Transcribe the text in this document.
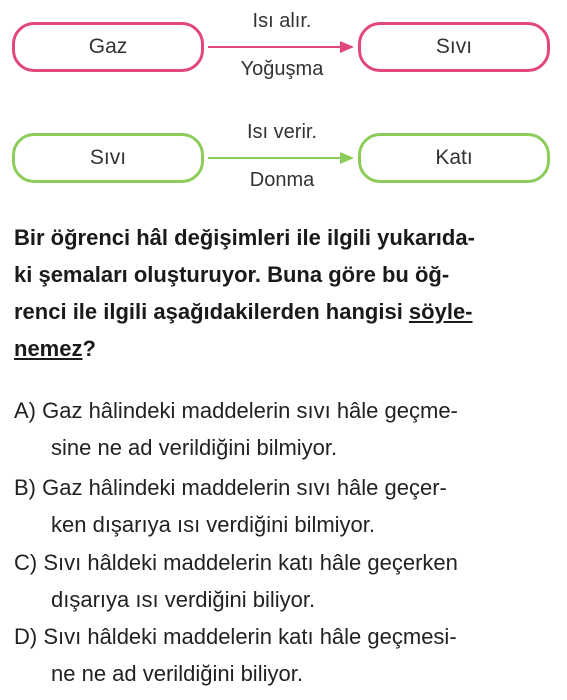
Gaz
Isı alır.
Yoğuşma
Sıvı
Sıvı
Isı verir.
Donma
Katı
Bir öğrenci hâl değişimleri ile ilgili yukarıda-
ki şemaları oluşturuyor. Buna göre bu öğ-
renci ile ilgili aşağıdakilerden hangisi söyle-
nemez?
A) Gaz hâlindeki maddelerin sıvı hâle geçme-
sine ne ad verildiğini bilmiyor.
B) Gaz hâlindeki maddelerin sıvı hâle geçer-
ken dışarıya ısı verdiğini bilmiyor.
C) Sıvı hâldeki maddelerin katı hâle geçerken
dışarıya ısı verdiğini biliyor.
D) Sıvı hâldeki maddelerin katı hâle geçmesi-
ne ne ad verildiğini biliyor.
